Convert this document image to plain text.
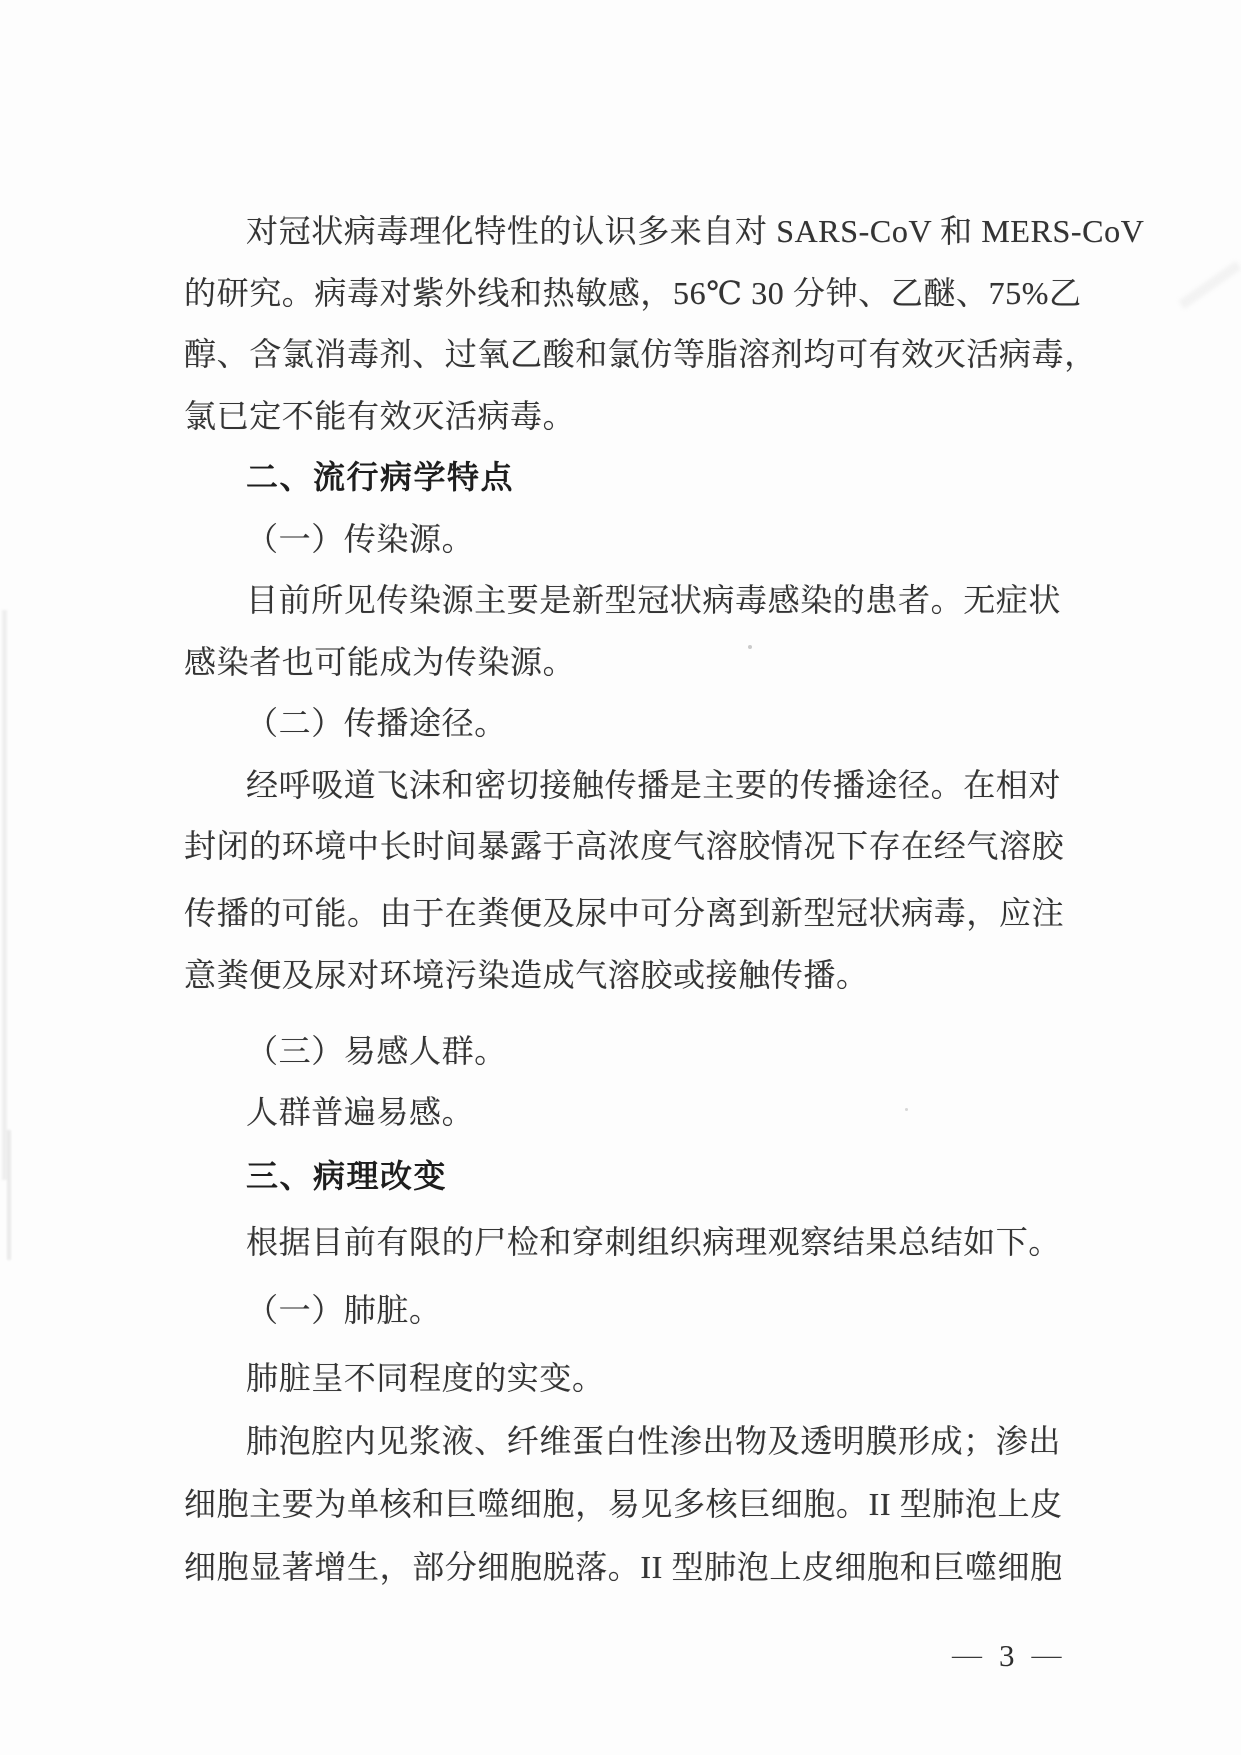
对冠状病毒理化特性的认识多来自对 SARS-CoV 和 MERS-CoV
的研究。病毒对紫外线和热敏感，56℃ 30 分钟、乙醚、75%乙
醇、含氯消毒剂、过氧乙酸和氯仿等脂溶剂均可有效灭活病毒，
氯已定不能有效灭活病毒。
二、流行病学特点
（一）传染源。
目前所见传染源主要是新型冠状病毒感染的患者。无症状
感染者也可能成为传染源。
（二）传播途径。
经呼吸道飞沫和密切接触传播是主要的传播途径。在相对
封闭的环境中长时间暴露于高浓度气溶胶情况下存在经气溶胶
传播的可能。由于在粪便及尿中可分离到新型冠状病毒，应注
意粪便及尿对环境污染造成气溶胶或接触传播。
（三）易感人群。
人群普遍易感。
三、病理改变
根据目前有限的尸检和穿刺组织病理观察结果总结如下。
（一）肺脏。
肺脏呈不同程度的实变。
肺泡腔内见浆液、纤维蛋白性渗出物及透明膜形成；渗出
细胞主要为单核和巨噬细胞，易见多核巨细胞。II 型肺泡上皮
细胞显著增生，部分细胞脱落。II 型肺泡上皮细胞和巨噬细胞
— 3 —
